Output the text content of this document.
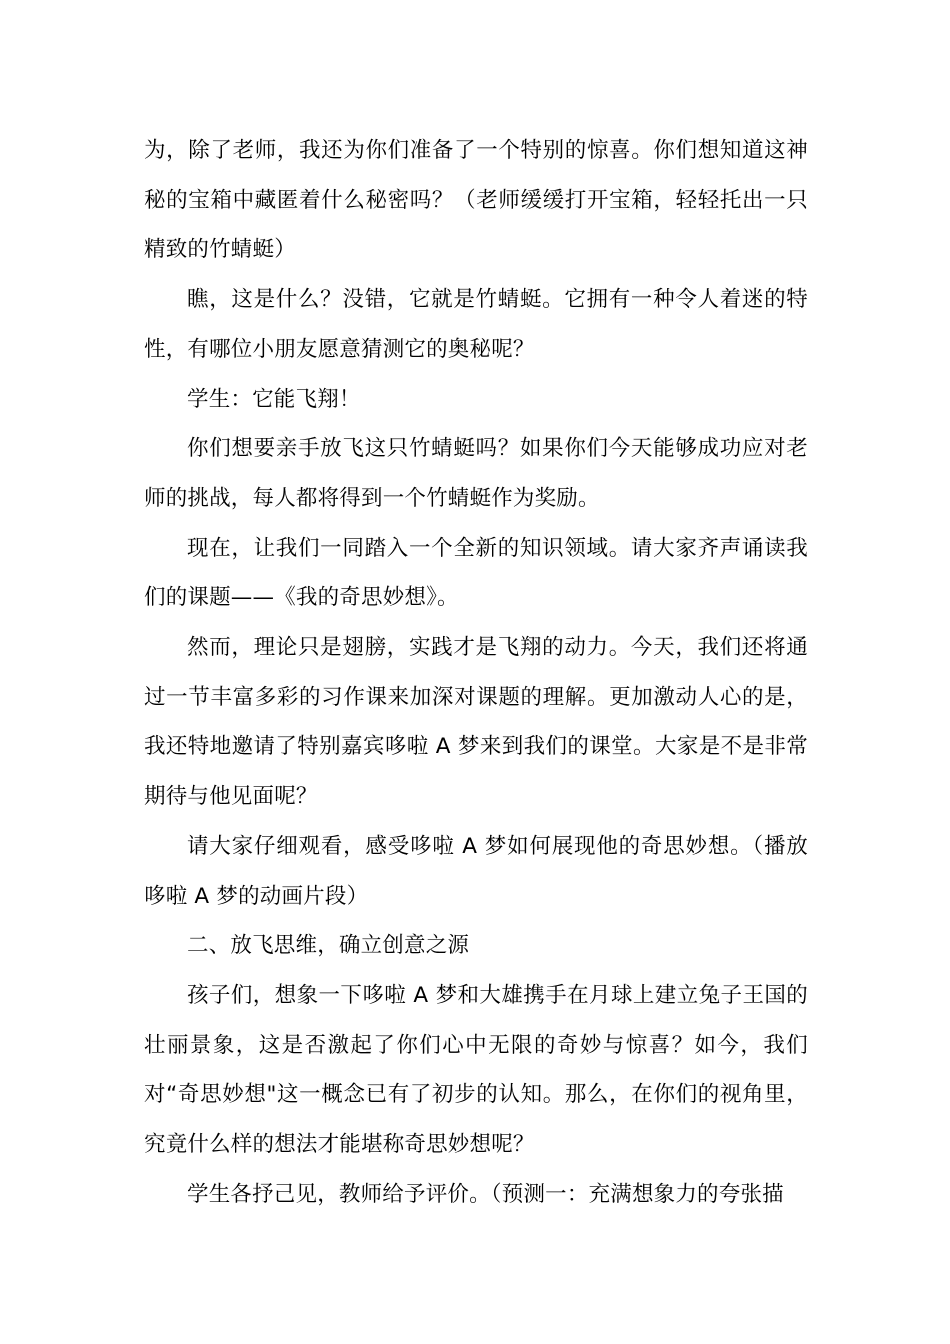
为，除了老师，我还为你们准备了一个特别的惊喜。你们想知道这神秘的宝箱中藏匿着什么秘密吗？（老师缓缓打开宝箱，轻轻托出一只精致的竹蜻蜓）

瞧，这是什么？没错，它就是竹蜻蜓。它拥有一种令人着迷的特性，有哪位小朋友愿意猜测它的奥秘呢？

学生：它能飞翔！

你们想要亲手放飞这只竹蜻蜓吗？如果你们今天能够成功应对老师的挑战，每人都将得到一个竹蜻蜓作为奖励。

现在，让我们一同踏入一个全新的知识领域。请大家齐声诵读我们的课题——《我的奇思妙想》。

然而，理论只是翅膀，实践才是飞翔的动力。今天，我们还将通过一节丰富多彩的习作课来加深对课题的理解。更加激动人心的是，我还特地邀请了特别嘉宾哆啦 A 梦来到我们的课堂。大家是不是非常期待与他见面呢？

请大家仔细观看，感受哆啦 A 梦如何展现他的奇思妙想。（播放哆啦 A 梦的动画片段）

二、放飞思维，确立创意之源

孩子们，想象一下哆啦 A 梦和大雄携手在月球上建立兔子王国的壮丽景象，这是否激起了你们心中无限的奇妙与惊喜？如今，我们对“奇思妙想"这一概念已有了初步的认知。那么，在你们的视角里，究竟什么样的想法才能堪称奇思妙想呢？

学生各抒己见，教师给予评价。（预测一：充满想象力的夸张描
